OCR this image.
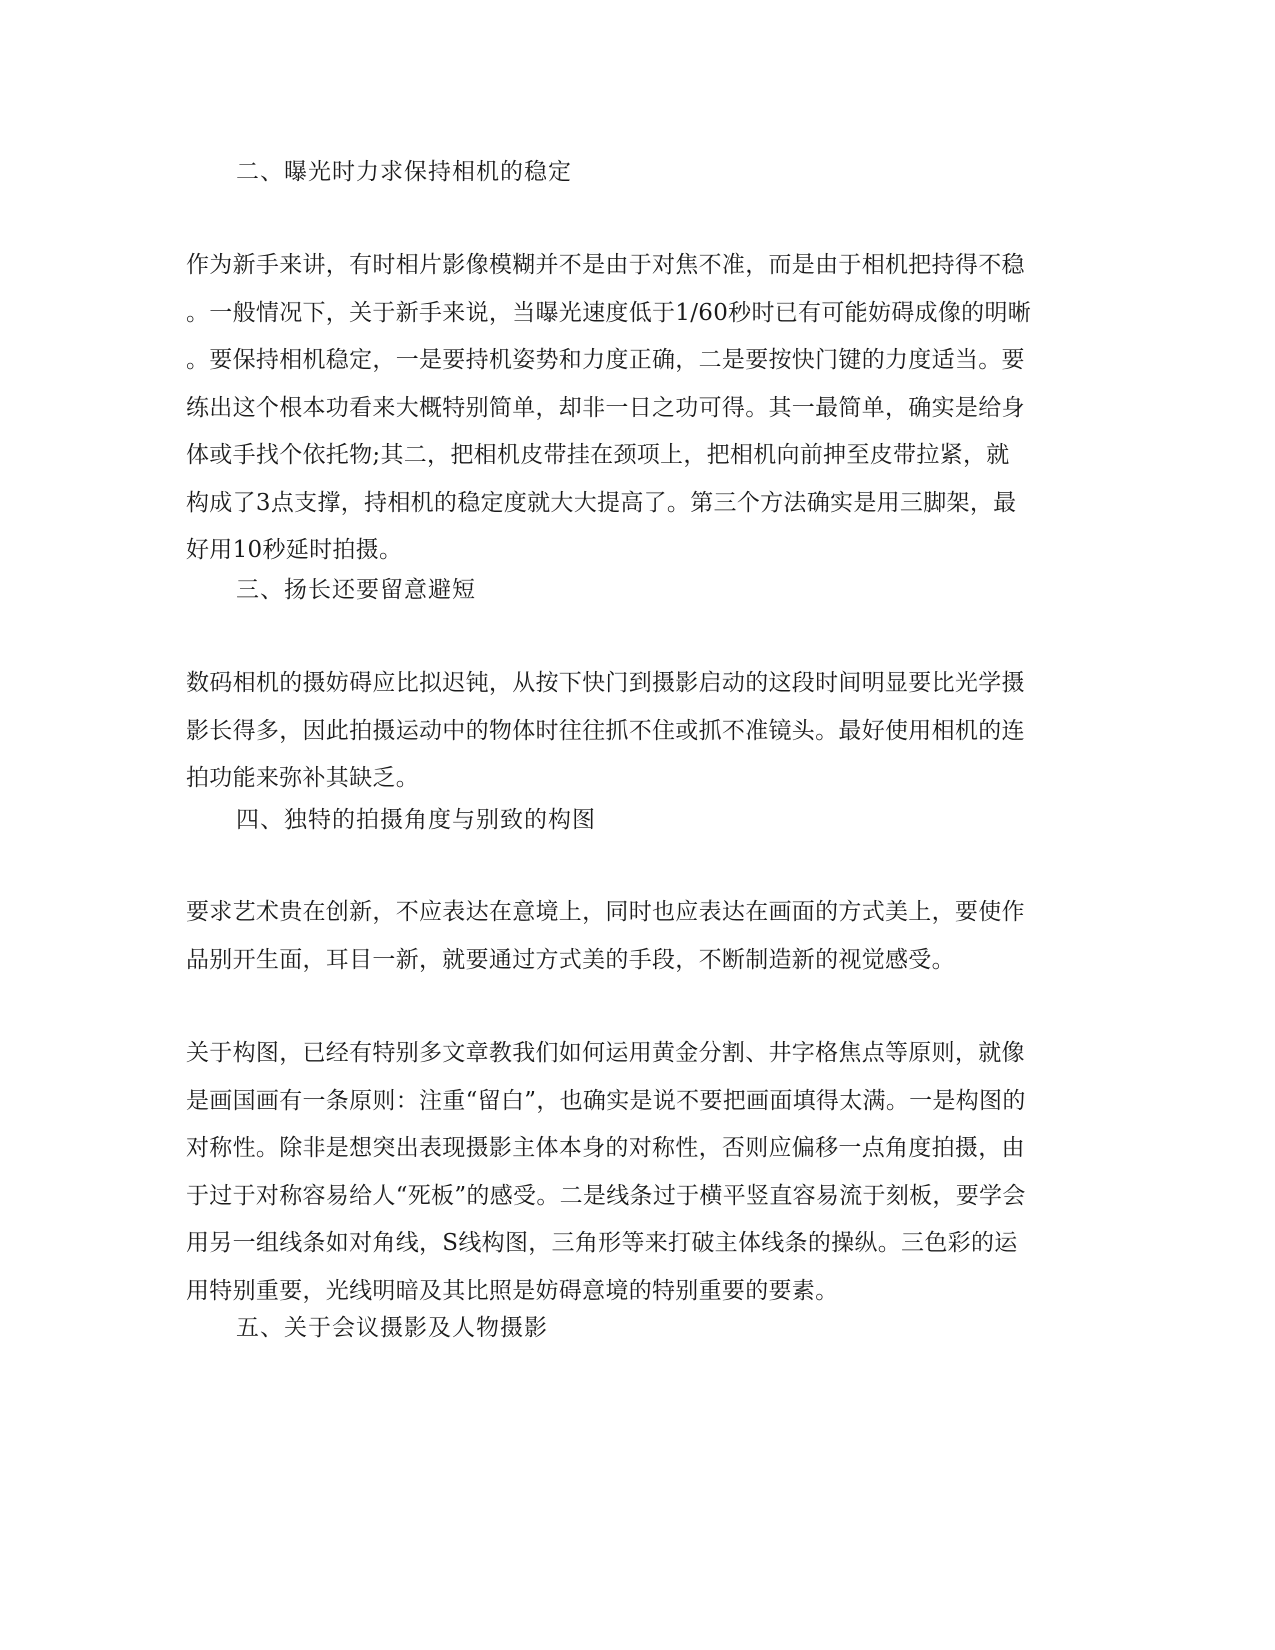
二、曝光时力求保持相机的稳定
作为新手来讲，有时相片影像模糊并不是由于对焦不准，而是由于相机把持得不稳
。一般情况下，关于新手来说，当曝光速度低于1/60秒时已有可能妨碍成像的明晰
。要保持相机稳定，一是要持机姿势和力度正确，二是要按快门键的力度适当。要
练出这个根本功看来大概特别简单，却非一日之功可得。其一最简单，确实是给身
体或手找个依托物;其二，把相机皮带挂在颈项上，把相机向前抻至皮带拉紧，就
构成了3点支撑，持相机的稳定度就大大提高了。第三个方法确实是用三脚架，最
好用10秒延时拍摄。
三、扬长还要留意避短
数码相机的摄妨碍应比拟迟钝，从按下快门到摄影启动的这段时间明显要比光学摄
影长得多，因此拍摄运动中的物体时往往抓不住或抓不准镜头。最好使用相机的连
拍功能来弥补其缺乏。
四、独特的拍摄角度与别致的构图
要求艺术贵在创新，不应表达在意境上，同时也应表达在画面的方式美上，要使作
品别开生面，耳目一新，就要通过方式美的手段，不断制造新的视觉感受。
关于构图，已经有特别多文章教我们如何运用黄金分割、井字格焦点等原则，就像
是画国画有一条原则：注重“留白”，也确实是说不要把画面填得太满。一是构图的
对称性。除非是想突出表现摄影主体本身的对称性，否则应偏移一点角度拍摄，由
于过于对称容易给人“死板”的感受。二是线条过于横平竖直容易流于刻板，要学会
用另一组线条如对角线，S线构图，三角形等来打破主体线条的操纵。三色彩的运
用特别重要，光线明暗及其比照是妨碍意境的特别重要的要素。
五、关于会议摄影及人物摄影
